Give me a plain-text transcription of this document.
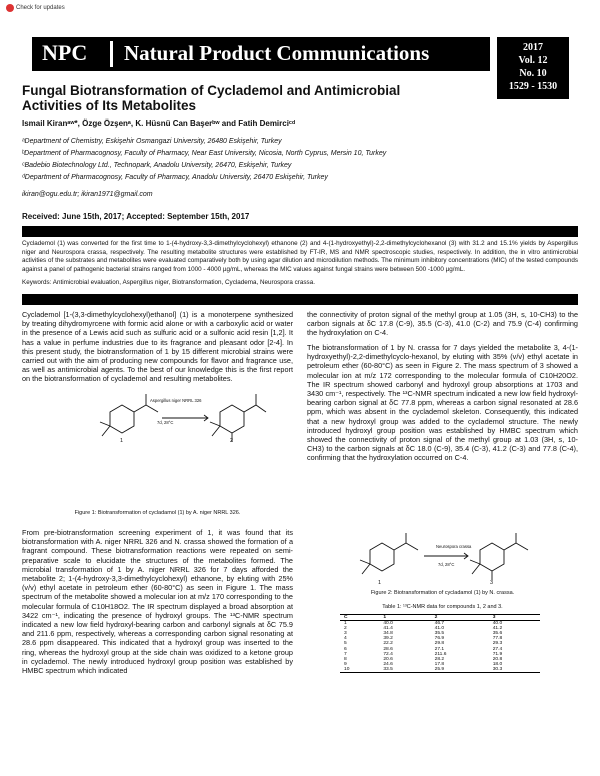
Check for updates
NPC Natural Product Communications	2017
Vol. 12
No. 10
1529 - 1530
Fungal Biotransformation of Cyclademol and Antimicrobial
Activities of Its Metabolites
Ismail Kiranᵃʷ*, Özge Özşenᵃ, K. Hüsnü Can Başerᵇʷ and Fatih Demirciᶜᵈ
ᵃDepartment of Chemistry, Eskişehir Osmangazi University, 26480 Eskişehir, Turkey
ᵇDepartment of Pharmacognosy, Faculty of Pharmacy, Near East University, Nicosia, North Cyprus, Mersin 10, Turkey
ᶜBadebio Biotechnology Ltd., Technopark, Anadolu University, 26470, Eskişehir, Turkey
ᵈDepartment of Pharmacognosy, Faculty of Pharmacy, Anadolu University, 26470 Eskişehir, Turkey
ikiran@ogu.edu.tr; ikiran1971@gmail.com
Received: June 15th, 2017; Accepted: September 15th, 2017
Cyclademol (1) was converted for the first time to 1-(4-hydroxy-3,3-dimethylcyclohexyl) ethanone (2) and 4-(1-hydroxyethyl)-2,2-dimethylcyclohexanol (3) with 31.2 and 15.1% yields by Aspergillus niger and Neurospora crassa, respectively. The resulting metabolite structures were established by FT-IR, MS and NMR spectroscopic studies, respectively. In addition, the in vitro antimicrobial activities of the substrates and metabolites were evaluated comparatively both by using agar dilution and microdilution methods. The minimum inhibitory concentrations (MIC) of the tested compounds against a panel of pathogenic bacterial strains ranged from 1000 - 4000 µg/mL, whereas the MIC values against fungal strains were between 500 -1000 µg/mL.
Keywords: Antimicrobial evaluation, Aspergillus niger, Biotransformation, Cycladema, Neurospora crassa.
Cyclademol [1-(3,3-dimethylcyclohexyl)ethanol] (1) is a monoterpene synthesized by treating dihydromyrcene with formic acid alone or with a carboxylic acid or water in the presence of a Lewis acid such as sulfuric acid or a sulfonic acid resin [1,2]. It has a value in perfume industries due to its fragrance and pleasant odor [2-4]. In this present study, the biotransformation of 1 by 15 different microbial strains were carried out with the aim of producing new compounds for flavor and fragrance use, as well as antimicrobial agents. To the best of our knowledge this is the first report on the biotransformation of cyclademol and resulting metabolites.
Aspergillus niger NRRL 326
7d, 28°C
1	2
Figure 1: Biotransformation of cycladamol (1) by A. niger NRRL 326.
From pre-biotransformation screening experiment of 1, it was found that its biotransformation with A. niger NRRL 326 and N. crassa showed the formation of a fragrant compound. These biotransformation reactions were repeated on semi-preparative scale to elucidate the structures of the metabolites formed. The microbial transformation of 1 by A. niger NRRL 326 for 7 days afforded the metabolite 2; 1-(4-hydroxy-3,3-dimethylcyclohexyl) ethanone, by eluting with 25% (v/v) ethyl acetate in petroleum ether (60-80°C) as seen in Figure 1. The mass spectrum of the metabolite showed a molecular ion at m/z 170 corresponding to the molecular formula of C10H18O2. The IR spectrum displayed a broad absorption at 3422 cm⁻¹, indicating the presence of hydroxyl groups. The ¹³C-NMR spectrum indicated a new low field hydroxyl-bearing carbon and carbonyl signals at δC 75.9 and 211.6 ppm, respectively, whereas a corresponding carbon signal resonating at 28.6 ppm disappeared. This indicated that a hydroxyl group was inserted to the ring, whereas the hydroxyl group at the side chain was oxidized to a ketone group in cyclademol. The newly introduced hydroxyl group position was established by HMBC spectrum which indicated
the connectivity of proton signal of the methyl group at 1.05 (3H, s, 10-CH3) to the carbon signals at δC 17.8 (C-9), 35.5 (C-3), 41.0 (C-2) and 75.9 (C-4) confirming the hydroxylation on C-4.
The biotransformation of 1 by N. crassa for 7 days yielded the metabolite 3, 4-(1-hydroxyethyl)-2,2-dimethylcyclo-hexanol, by eluting with 35% (v/v) ethyl acetate in petroleum ether (60-80°C) as seen in Figure 2. The mass spectrum of 3 showed a molecular ion at m/z 172 corresponding to the molecular formula of C10H20O2. The IR spectrum showed carbonyl and hydroxyl group absorptions at 1703 and 3430 cm⁻¹, respectively. The ¹³C-NMR spectrum indicated a new low field hydroxyl-bearing carbon signal at δC 77.8 ppm, whereas a carbon signal resonated at 28.6 ppm, which was absent in the cyclademol skeleton. Consequently, this indicated that a new hydroxyl group was added to the cyclademol structure. The newly introduced hydroxyl group position was established by HMBC spectrum which showed the connectivity of proton signal of the methyl group at 1.03 (3H, s, 10-CH3) to the carbon signals at δC 18.0 (C-9), 35.4 (C-3), 41.2 (C-3) and 77.8 (C-4), confirming that the hydroxylation occurred on C-4.
Neurospora crassa
7d, 28°C
1	3
Figure 2: Biotransformation of cycladamol (1) by N. crassa.
Table 1: ¹³C-NMR data for compounds 1, 2 and 3.
C	1	2	3
1	40.0	46.7	40.0
2	41.4	41.0	41.2
3	34.8	35.5	35.6
4	39.2	76.9	77.8
5	22.2	29.8	29.3
6	28.6	27.1	27.4
7	72.4	211.6	71.9
8	20.6	28.2	20.8
9	24.6	17.8	18.0
10	33.5	25.9	30.3
